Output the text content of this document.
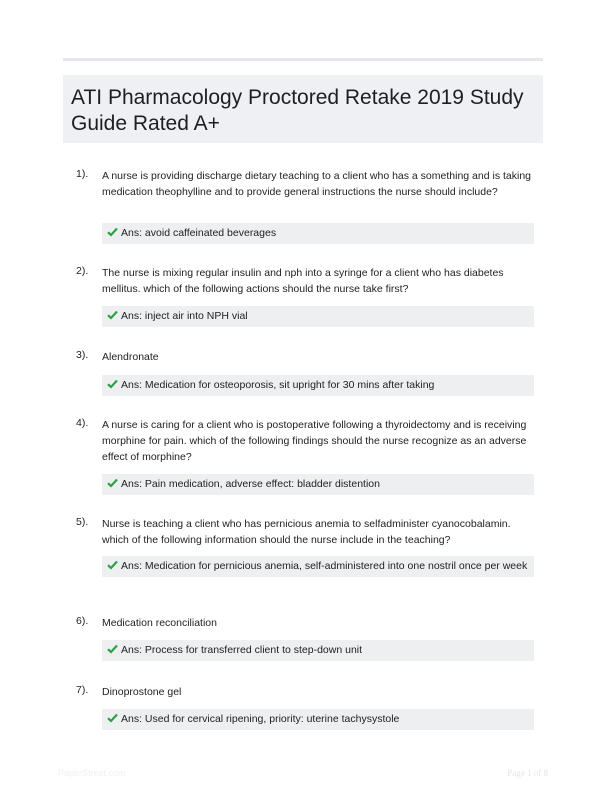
ATI Pharmacology Proctored Retake 2019 Study Guide Rated A+
1). A nurse is providing discharge dietary teaching to a client who has a something and is taking medication theophylline and to provide general instructions the nurse should include?
Ans: avoid caffeinated beverages
2). The nurse is mixing regular insulin and nph into a syringe for a client who has diabetes mellitus. which of the following actions should the nurse take first?
Ans: inject air into NPH vial
3). Alendronate
Ans: Medication for osteoporosis, sit upright for 30 mins after taking
4). A nurse is caring for a client who is postoperative following a thyroidectomy and is receiving morphine for pain. which of the following findings should the nurse recognize as an adverse effect of morphine?
Ans: Pain medication, adverse effect: bladder distention
5). Nurse is teaching a client who has pernicious anemia to selfadminister cyanocobalamin. which of the following information should the nurse include in the teaching?
Ans: Medication for pernicious anemia, self-administered into one nostril once per week
6). Medication reconciliation
Ans: Process for transferred client to step-down unit
7). Dinoprostone gel
Ans: Used for cervical ripening, priority: uterine tachysystole
PaperStreet.com	Page 1 of 8
